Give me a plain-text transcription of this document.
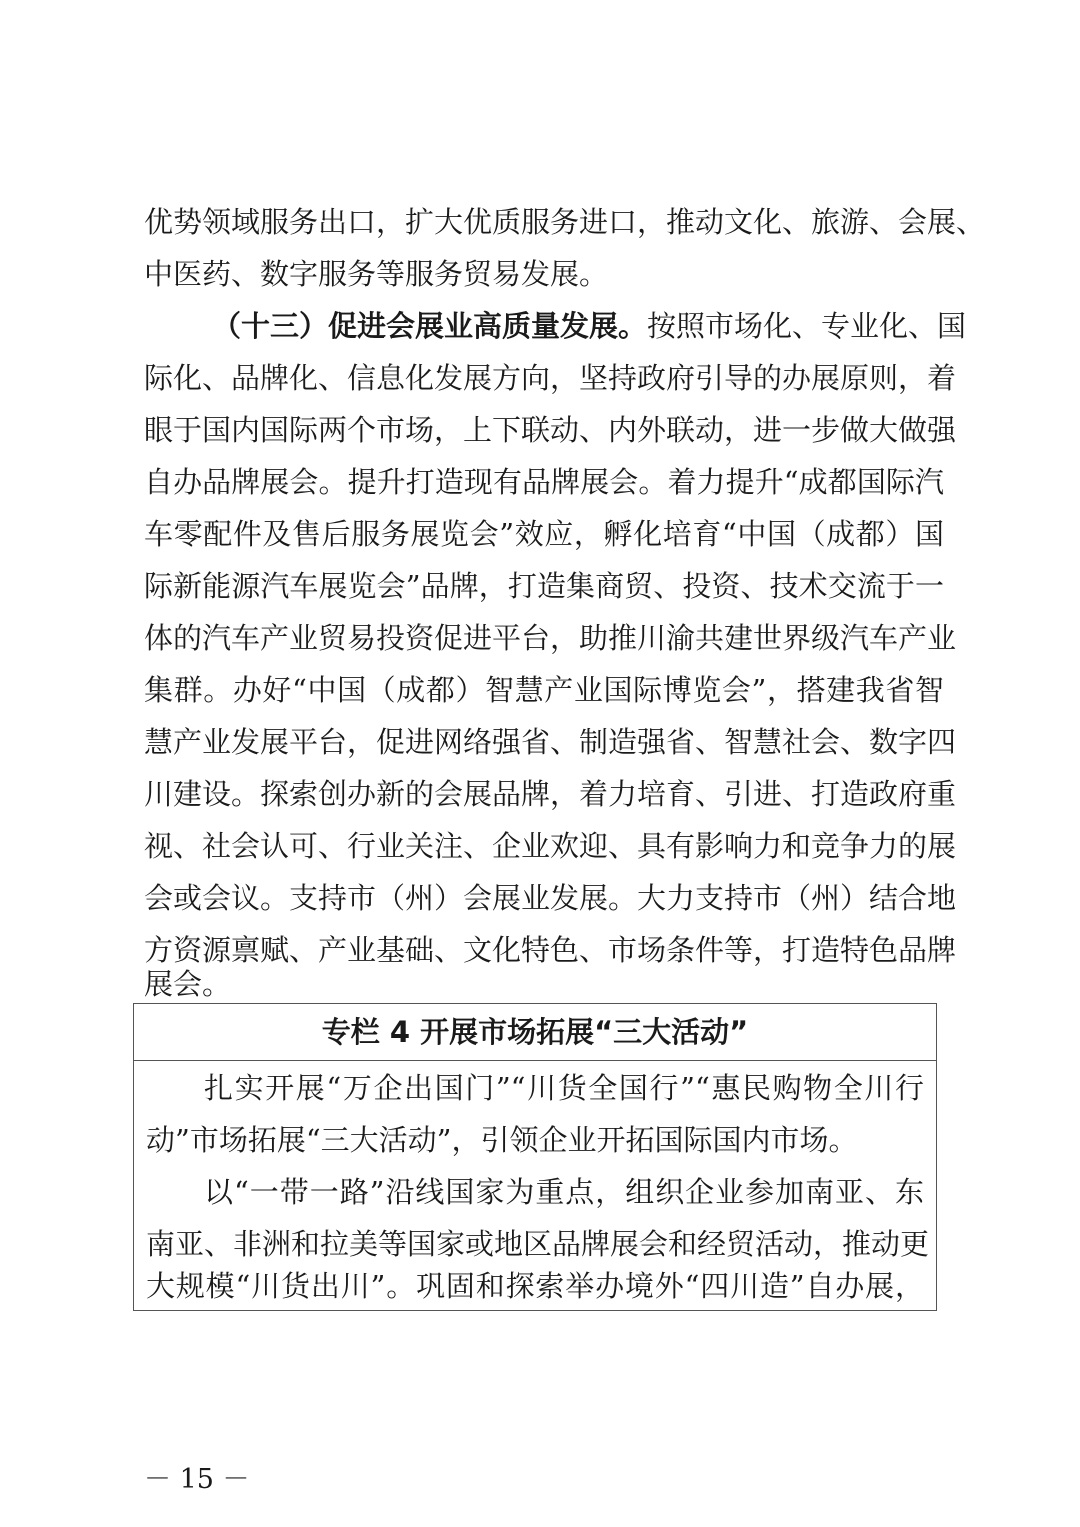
优势领域服务出口，扩大优质服务进口，推动文化、旅游、会展、
中医药、数字服务等服务贸易发展。
（十三）促进会展业高质量发展。按照市场化、专业化、国
际化、品牌化、信息化发展方向，坚持政府引导的办展原则，着
眼于国内国际两个市场，上下联动、内外联动，进一步做大做强
自办品牌展会。提升打造现有品牌展会。着力提升“成都国际汽
车零配件及售后服务展览会”效应，孵化培育“中国（成都）国
际新能源汽车展览会”品牌，打造集商贸、投资、技术交流于一
体的汽车产业贸易投资促进平台，助推川渝共建世界级汽车产业
集群。办好“中国（成都）智慧产业国际博览会”，搭建我省智
慧产业发展平台，促进网络强省、制造强省、智慧社会、数字四
川建设。探索创办新的会展品牌，着力培育、引进、打造政府重
视、社会认可、行业关注、企业欢迎、具有影响力和竞争力的展
会或会议。支持市（州）会展业发展。大力支持市（州）结合地
方资源禀赋、产业基础、文化特色、市场条件等，打造特色品牌
展会。
专栏 4 开展市场拓展“三大活动”
扎实开展“万企出国门”“川货全国行”“惠民购物全川行
动”市场拓展“三大活动”，引领企业开拓国际国内市场。
以“一带一路”沿线国家为重点，组织企业参加南亚、东
南亚、非洲和拉美等国家或地区品牌展会和经贸活动，推动更
大规模“川货出川”。巩固和探索举办境外“四川造”自办展，
－ 15 －
